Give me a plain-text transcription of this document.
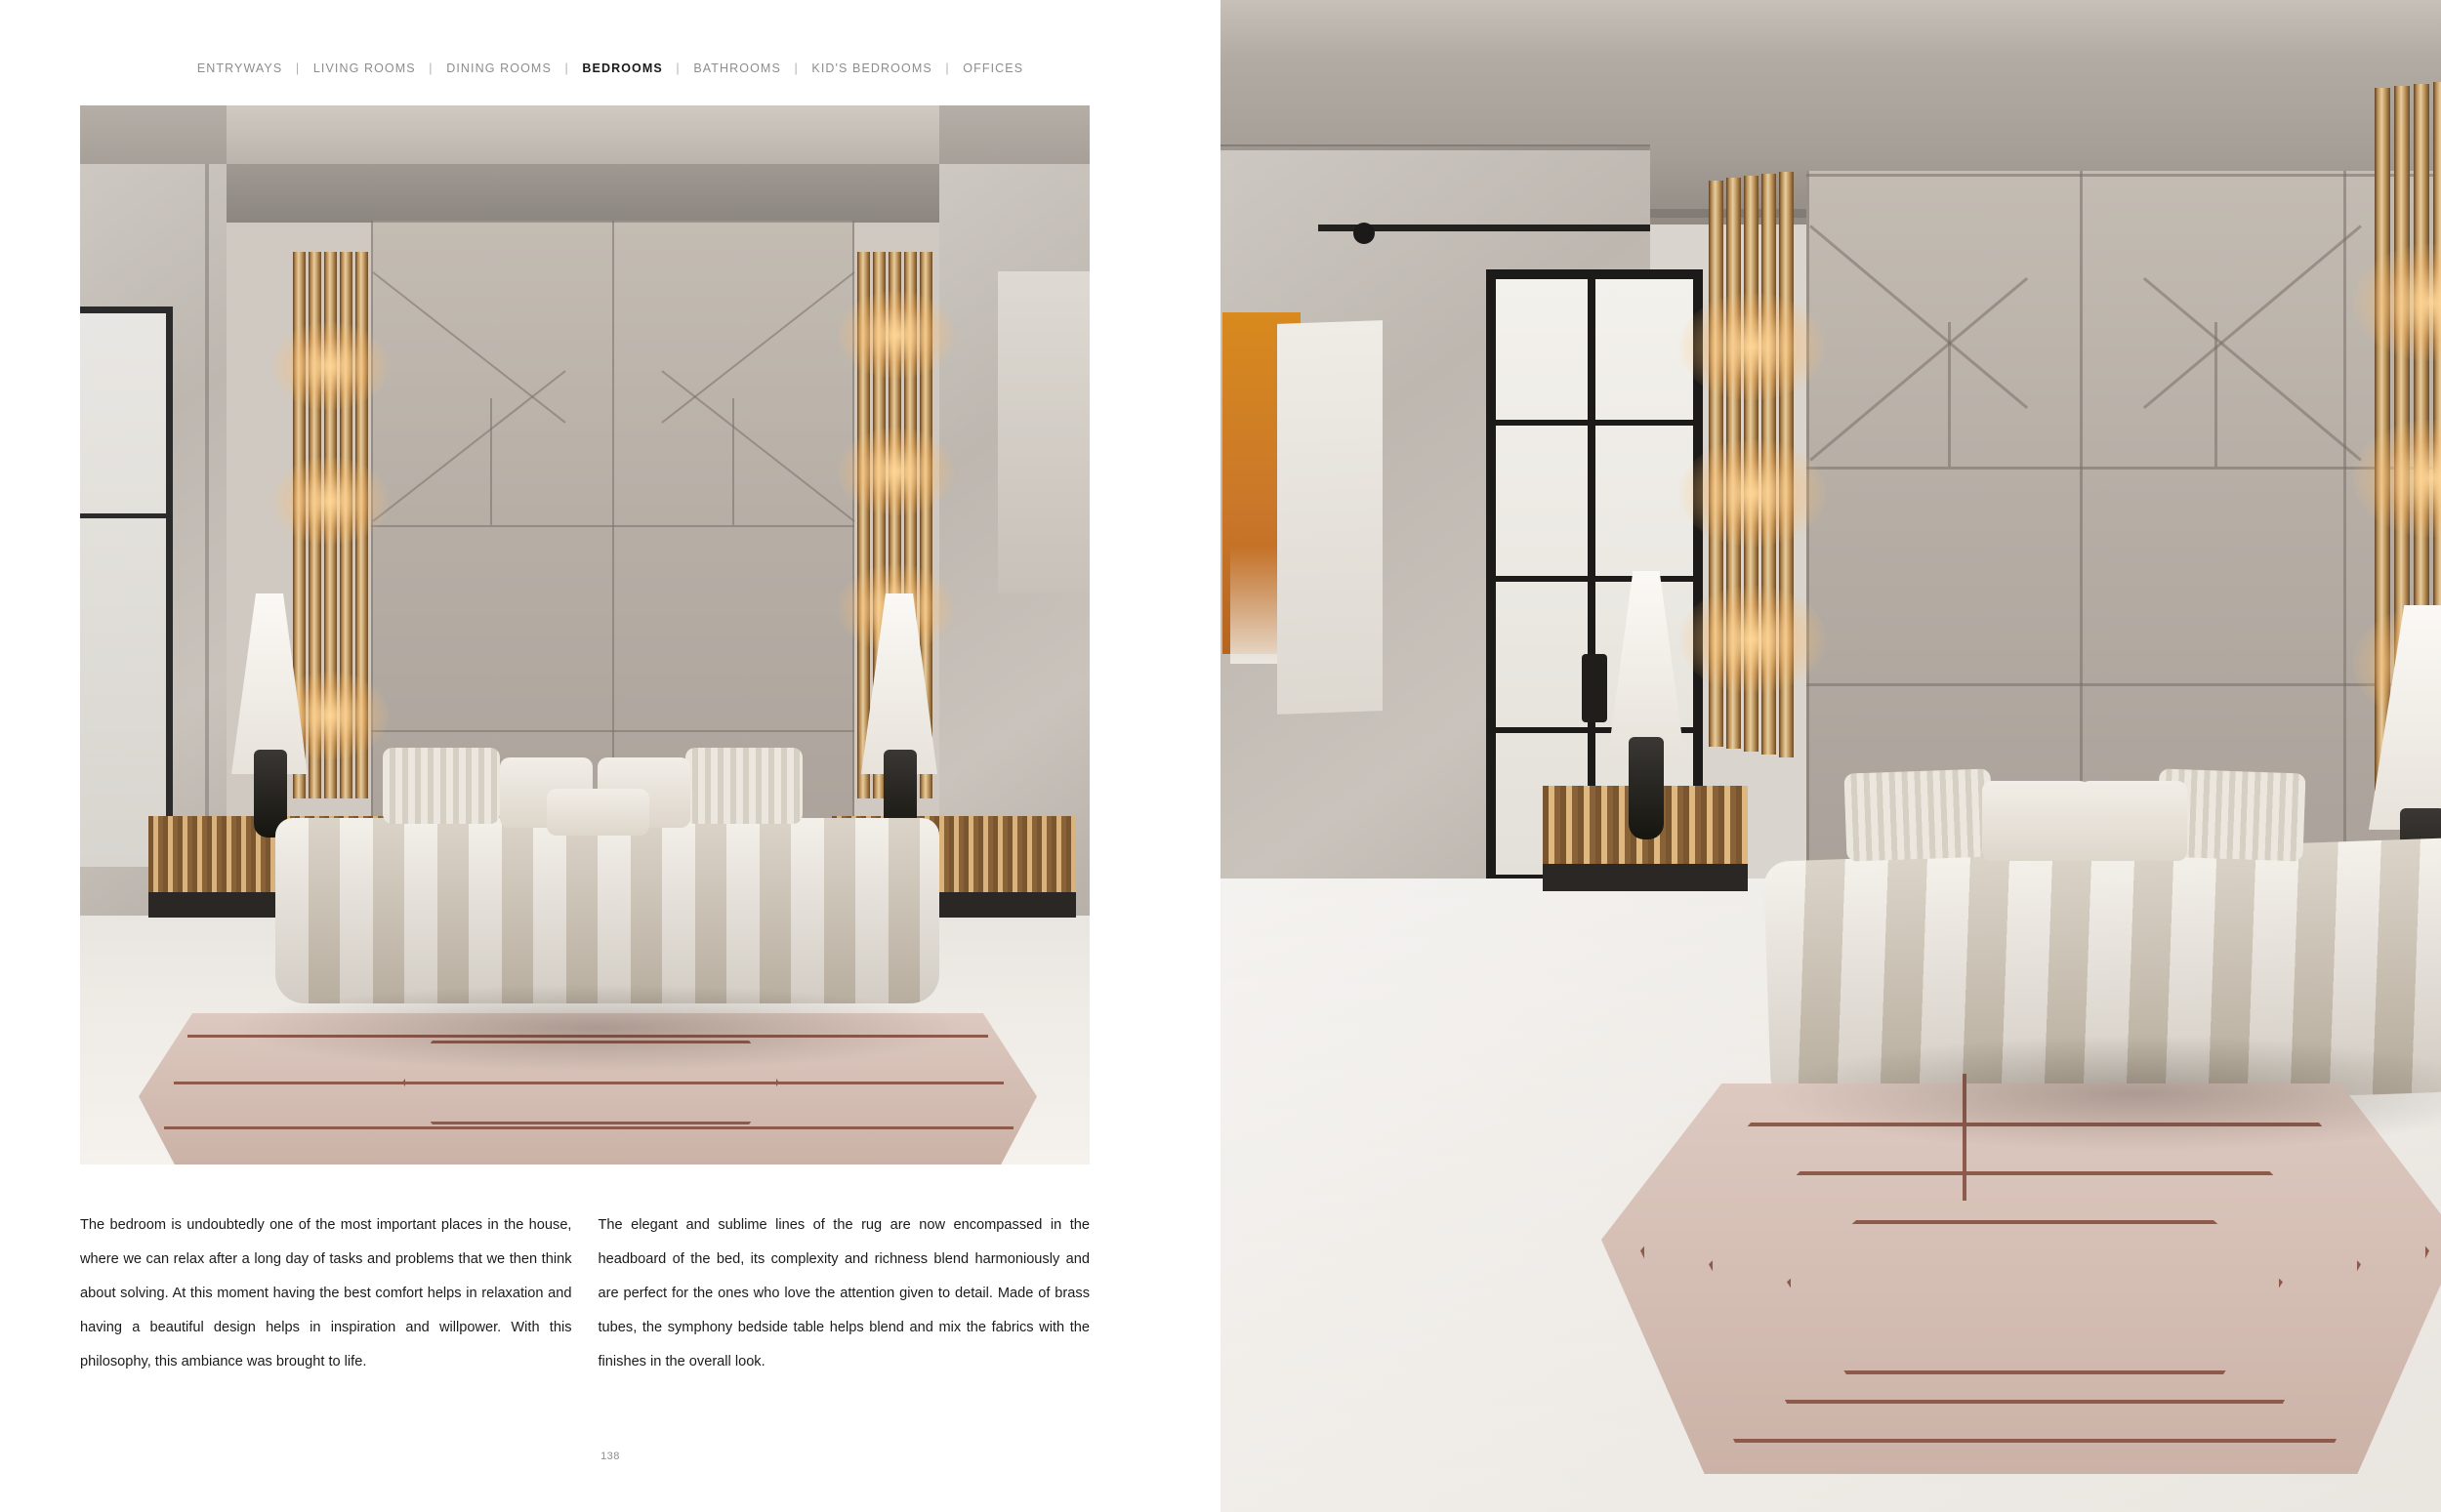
ENTRYWAYS | LIVING ROOMS | DINING ROOMS | BEDROOMS | BATHROOMS | KID'S BEDROOMS | OFFICES
The bedroom is undoubtedly one of the most important places in the house, where we can relax after a long day of tasks and problems that we then think about solving. At this moment having the best comfort helps in relaxation and having a beautiful design helps in inspiration and willpower. With this philosophy, this ambiance was brought to life.
The elegant and sublime lines of the rug are now encompassed in the headboard of the bed, its complexity and richness blend harmoniously and are perfect for the ones who love the attention given to detail. Made of brass tubes, the symphony bedside table helps blend and mix the fabrics with the finishes in the overall look.
138
